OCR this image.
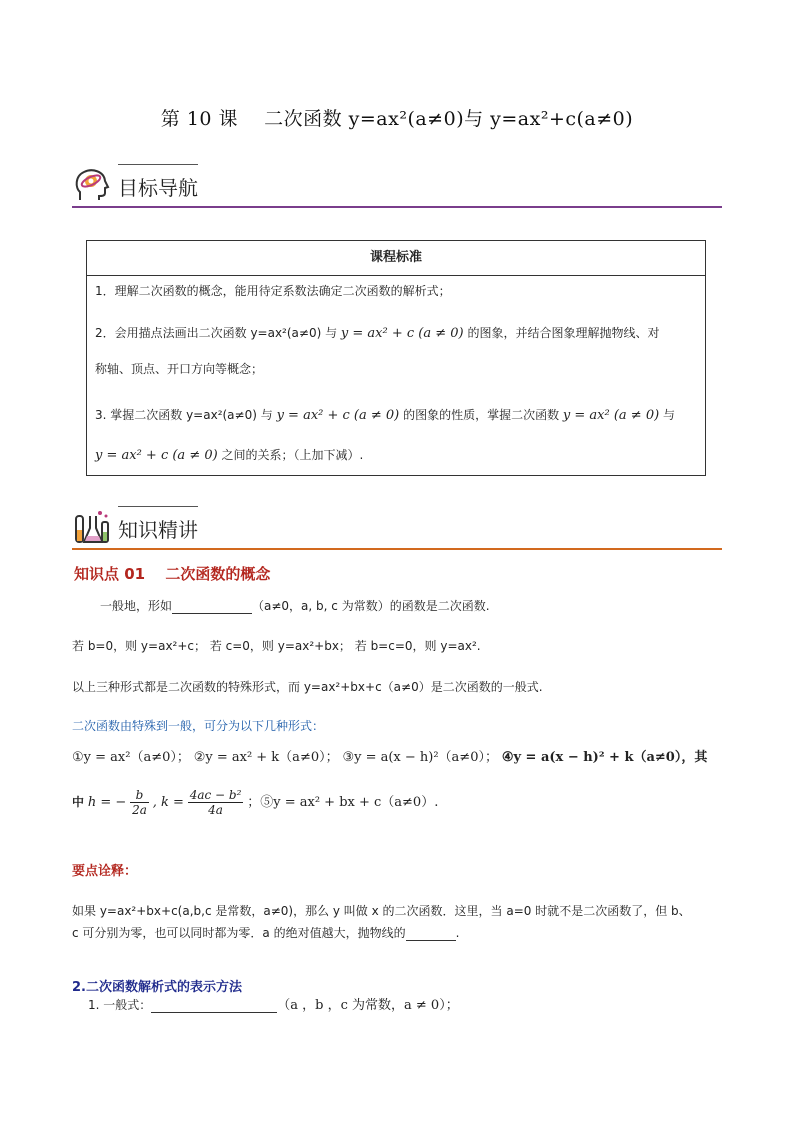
第 10 课　 二次函数 y=ax²(a≠0)与 y=ax²+c(a≠0)
目标导航
课程标准
1．理解二次函数的概念，能用待定系数法确定二次函数的解析式；
2．会用描点法画出二次函数 y=ax²(a≠0) 与 y = ax² + c (a ≠ 0) 的图象，并结合图象理解抛物线、对
称轴、顶点、开口方向等概念；
3. 掌握二次函数 y=ax²(a≠0) 与 y = ax² + c (a ≠ 0) 的图象的性质，掌握二次函数 y = ax² (a ≠ 0) 与
y = ax² + c (a ≠ 0) 之间的关系；（上加下减）.
知识精讲
知识点 01　 二次函数的概念
一般地，形如	（a≠0，a, b, c 为常数）的函数是二次函数.
若 b=0，则 y=ax²+c； 若 c=0，则 y=ax²+bx； 若 b=c=0，则 y=ax².
以上三种形式都是二次函数的特殊形式，而 y=ax²+bx+c（a≠0）是二次函数的一般式.
二次函数由特殊到一般，可分为以下几种形式：
①y = ax²（a≠0）； ②y = ax² + k（a≠0）； ③y = a(x − h)²（a≠0）； ④y = a(x − h)² + k（a≠0），其
中 h = − $\frac{b}{2a}$ , $k = \frac{\text{4ac − b²}}{4a}$ ；⑤y = ax² + bx + c（a≠0）.
要点诠释：
如果 y=ax²+bx+c(a,b,c 是常数，a≠0)，那么 y 叫做 x 的二次函数．这里，当 a=0 时就不是二次函数了，但 b、
c 可分别为零，也可以同时都为零．a 的绝对值越大，抛物线的	.
2.二次函数解析式的表示方法
1. 一般式：	（a ，b ，c 为常数，a ≠ 0）；
